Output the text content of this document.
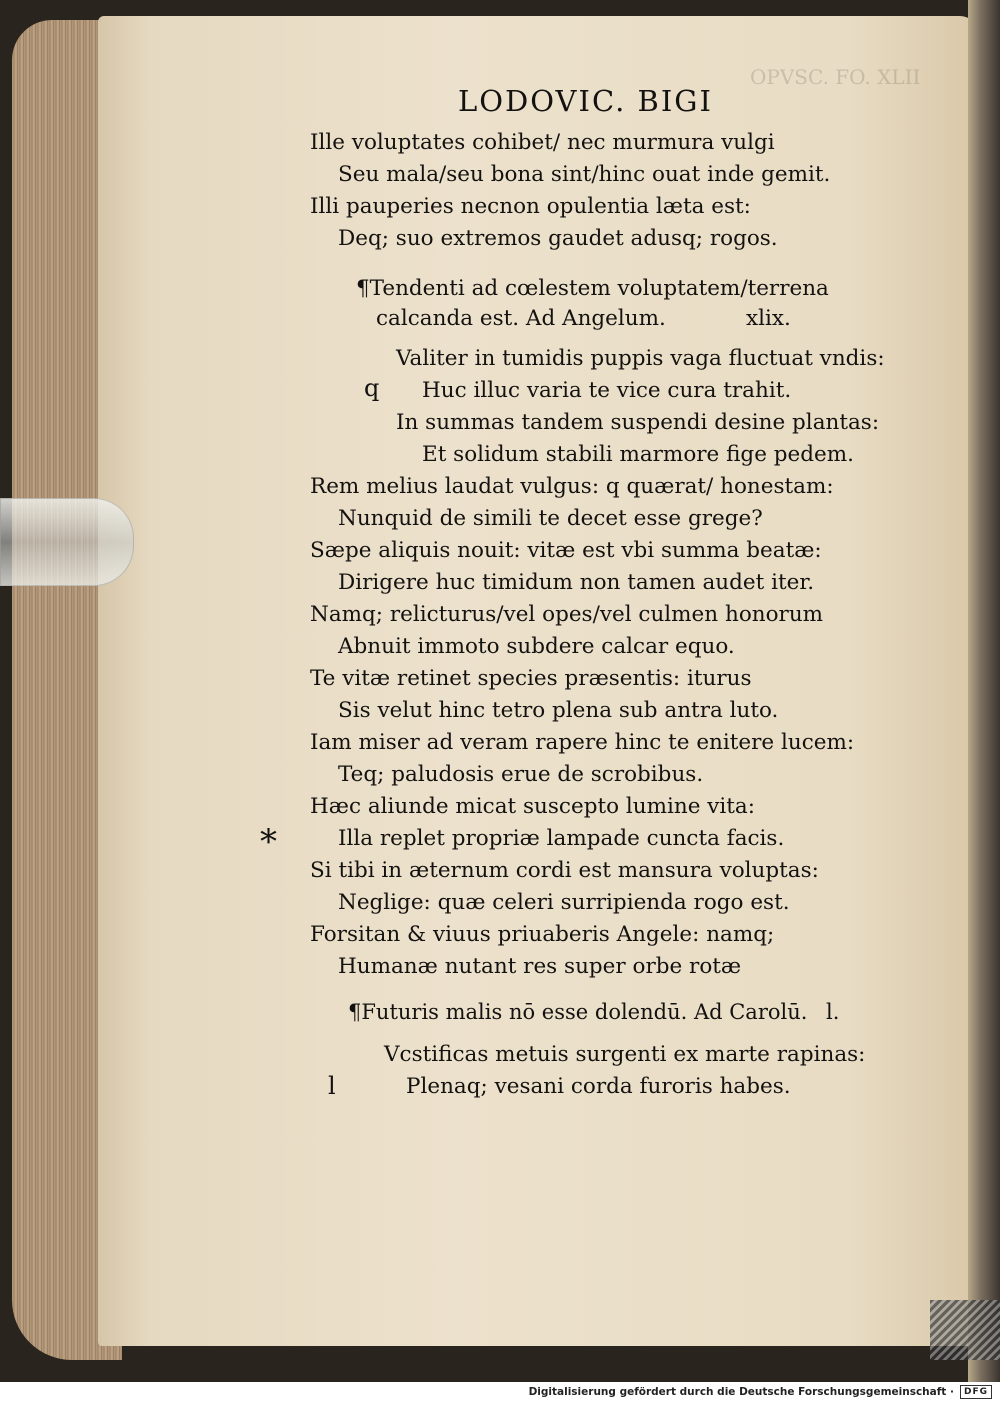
OPVSC. FO. XLII
LODOVIC. BIGI
Ille voluptates cohibet/ nec murmura vulgi
Seu mala/seu bona sint/hinc ouat inde gemit.
Illi pauperies necnon opulentia læta est:
Deq; suo extremos gaudet adusq; rogos.
¶Tendenti ad cœlestem voluptatem/terrena
calcanda est. Ad Angelum.	xlix.
Valiter in tumidis puppis vaga fluctuat vndis:
Huc illuc varia te vice cura trahit.
In summas tandem suspendi desine plantas:
Et solidum stabili marmore fige pedem.
Rem melius laudat vulgus: q quærat/ honestam:
Nunquid de simili te decet esse grege?
Sæpe aliquis nouit: vitæ est vbi summa beatæ:
Dirigere huc timidum non tamen audet iter.
Namq; relicturus/vel opes/vel culmen honorum
Abnuit immoto subdere calcar equo.
Te vitæ retinet species præsentis: iturus
Sis velut hinc tetro plena sub antra luto.
Iam miser ad veram rapere hinc te enitere lucem:
Teq; paludosis erue de scrobibus.
Hæc aliunde micat suscepto lumine vita:
Illa replet propriæ lampade cuncta facis.
Si tibi in æternum cordi est mansura voluptas:
Neglige: quæ celeri surripienda rogo est.
Forsitan & viuus priuaberis Angele: namq;
Humanæ nutant res super orbe rotæ
¶Futuris malis nō esse dolendū. Ad Carolū. l.
Vcstificas metuis surgenti ex marte rapinas:
Plenaq; vesani corda furoris habes.
q
*
l
Digitalisierung gefördert durch die Deutsche Forschungsgemeinschaft ·	DFG
